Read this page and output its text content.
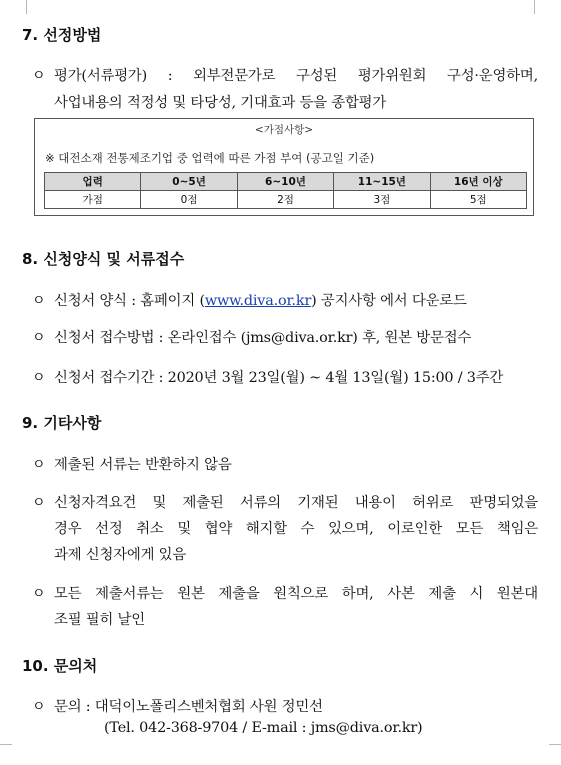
7. 선정방법
ㅇ 평가(서류평가) : 외부전문가로 구성된 평가위원회 구성·운영하며,
사업내용의 적정성 및 타당성, 기대효과 등을 종합평가
<가점사항>
※ 대전소재 전통제조기업 중 업력에 따른 가점 부여 (공고일 기준)
업력	0~5년	6~10년	11~15년	16년 이상
가점	0점	2점	3점	5점
8. 신청양식 및 서류접수
ㅇ 신청서 양식 : 홈페이지 (www.diva.or.kr) 공지사항 에서 다운로드
ㅇ 신청서 접수방법 : 온라인접수 (jms@diva.or.kr) 후, 원본 방문접수
ㅇ 신청서 접수기간 : 2020년 3월 23일(월) ~ 4월 13일(월) 15:00 / 3주간
9. 기타사항
ㅇ 제출된 서류는 반환하지 않음
ㅇ 신청자격요건 및 제출된 서류의 기재된 내용이 허위로 판명되었을
경우 선정 취소 및 협약 해지할 수 있으며, 이로인한 모든 책임은
과제 신청자에게 있음
ㅇ 모든 제출서류는 원본 제출을 원칙으로 하며, 사본 제출 시 원본대
조필 필히 날인
10. 문의처
ㅇ 문의 : 대덕이노폴리스벤처협회 사원 정민선
(Tel. 042-368-9704 / E-mail : jms@diva.or.kr)
